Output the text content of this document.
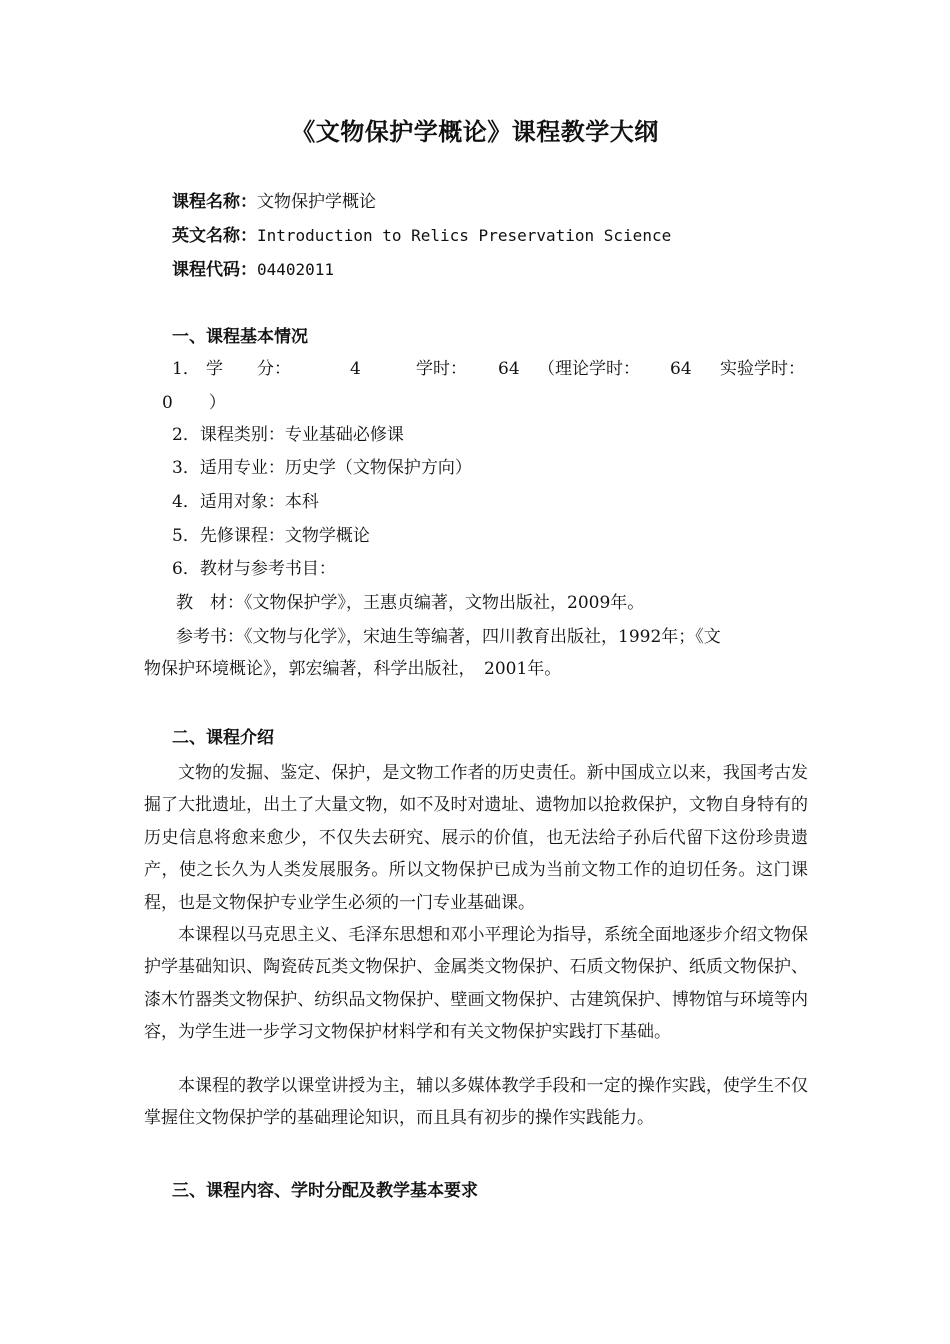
《文物保护学概论》课程教学大纲
课程名称：文物保护学概论
英文名称：Introduction to Relics Preservation Science
课程代码：04402011
一、课程基本情况
1． 学　　分：	4	学时： 64 （理论学时： 64 实验学时：
0 ）
2．课程类别：专业基础必修课
3．适用专业：历史学（文物保护方向）
4．适用对象：本科
5．先修课程：文物学概论
6．教材与参考书目：
教　材：《文物保护学》，王惠贞编著，文物出版社，2009年。
参考书：《文物与化学》，宋迪生等编著，四川教育出版社，1992年；《文
物保护环境概论》，郭宏编著，科学出版社，　2001年。
二、课程介绍
文物的发掘、鉴定、保护，是文物工作者的历史责任。新中国成立以来，我国考古发掘了大批遗址，出土了大量文物，如不及时对遗址、遗物加以抢救保护，文物自身特有的历史信息将愈来愈少，不仅失去研究、展示的价值，也无法给子孙后代留下这份珍贵遗产，使之长久为人类发展服务。所以文物保护已成为当前文物工作的迫切任务。这门课程，也是文物保护专业学生必须的一门专业基础课。
本课程以马克思主义、毛泽东思想和邓小平理论为指导，系统全面地逐步介绍文物保护学基础知识、陶瓷砖瓦类文物保护、金属类文物保护、石质文物保护、纸质文物保护、漆木竹器类文物保护、纺织品文物保护、壁画文物保护、古建筑保护、博物馆与环境等内容，为学生进一步学习文物保护材料学和有关文物保护实践打下基础。
本课程的教学以课堂讲授为主，辅以多媒体教学手段和一定的操作实践，使学生不仅掌握住文物保护学的基础理论知识，而且具有初步的操作实践能力。
三、课程内容、学时分配及教学基本要求
